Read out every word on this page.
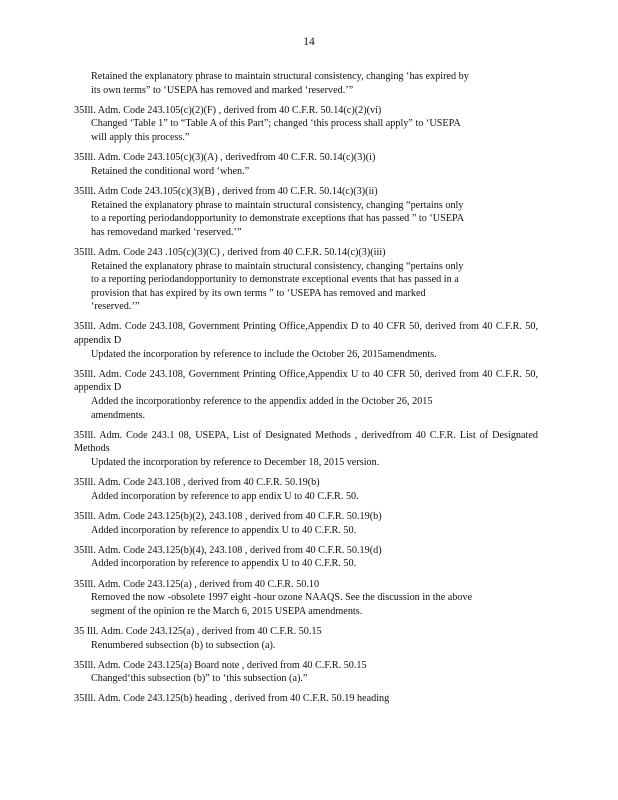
14
Retained the explanatory phrase to maintain structural consistency, changing ‘has expired by
its own terms” to ‘USEPA has removed and marked ‘reserved.’”
35Ill. Adm. Code 243.105(c)(2)(F) , derived from 40 C.F.R. 50.14(c)(2)(vi)
Changed ‘Table 1” to “Table A of this Part”; changed ‘this process shall apply” to ‘USEPA
will apply this process.”
35Ill. Adm. Code 243.105(c)(3)(A) , derivedfrom 40 C.F.R. 50.14(c)(3)(i)
Retained the conditional word ‘when.”
35Ill. Adm Code 243.105(c)(3)(B) , derived from 40 C.F.R. 50.14(c)(3)(ii)
Retained the explanatory phrase to maintain structural consistency, changing “pertains only
to a reporting periodandopportunity to demonstrate exceptions that has passed ” to ‘USEPA
has removedand marked ‘reserved.’”
35Ill. Adm. Code 243 .105(c)(3)(C) , derived from 40 C.F.R. 50.14(c)(3)(iii)
Retained the explanatory phrase to maintain structural consistency, changing “pertains only
to a reporting periodandopportunity to demonstrate exceptional events that has passed in a
provision that has expired by its own terms ” to ‘USEPA has removed and marked
‘reserved.’”
35Ill. Adm. Code 243.108, Government Printing Office,Appendix D to 40 CFR 50, derived from 40 C.F.R. 50, appendix D
Updated the incorporation by reference to include the October 26, 2015amendments.
35Ill. Adm. Code 243.108, Government Printing Office,Appendix U to 40 CFR 50, derived from 40 C.F.R. 50, appendix D
Added the incorporationby reference to the appendix added in the October 26, 2015
amendments.
35Ill. Adm. Code 243.1 08, USEPA, List of Designated Methods , derivedfrom 40 C.F.R. List of Designated Methods
Updated the incorporation by reference to December 18, 2015 version.
35Ill. Adm. Code 243.108 , derived from 40 C.F.R. 50.19(b)
Added incorporation by reference to app endix U to 40 C.F.R. 50.
35Ill. Adm. Code 243.125(b)(2), 243.108 , derived from 40 C.F.R. 50.19(b)
Added incorporation by reference to appendix U to 40 C.F.R. 50.
35Ill. Adm. Code 243.125(b)(4), 243.108 , derived from 40 C.F.R. 50.19(d)
Added incorporation by reference to appendix U to 40 C.F.R. 50.
35Ill. Adm. Code 243.125(a) , derived from 40 C.F.R. 50.10
Removed the now -obsolete 1997 eight -hour ozone NAAQS. See the discussion in the above
segment of the opinion re the March 6, 2015 USEPA amendments.
35 Ill. Adm. Code 243.125(a) , derived from 40 C.F.R. 50.15
Renumbered subsection (b) to subsection (a).
35Ill. Adm. Code 243.125(a) Board note , derived from 40 C.F.R. 50.15
Changed‘this subsection (b)” to ‘this subsection (a).”
35Ill. Adm. Code 243.125(b) heading , derived from 40 C.F.R. 50.19 heading
